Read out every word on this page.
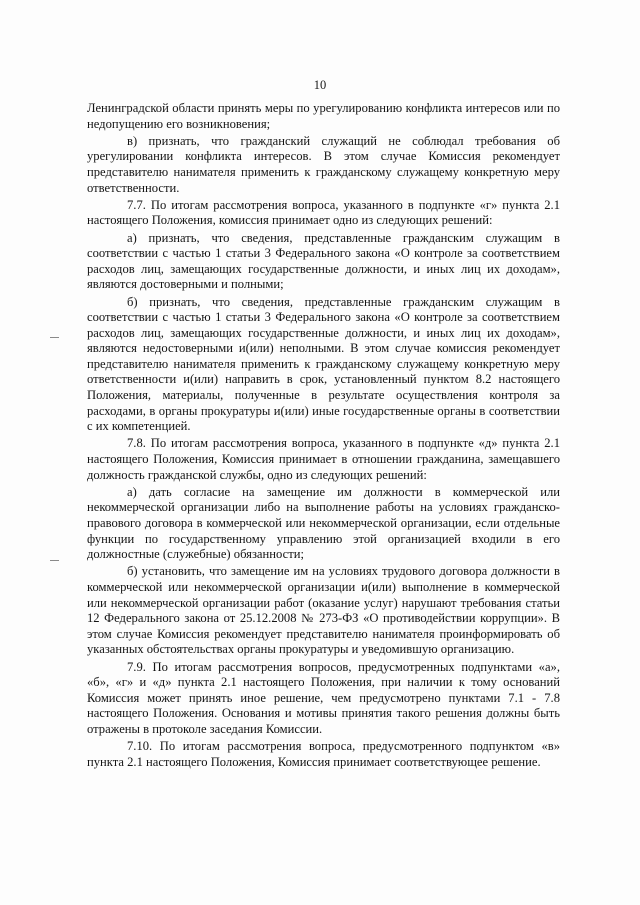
10

Ленинградской области принять меры по урегулированию конфликта интересов или по недопущению его возникновения;

в) признать, что гражданский служащий не соблюдал требования об урегулировании конфликта интересов. В этом случае Комиссия рекомендует представителю нанимателя применить к гражданскому служащему конкретную меру ответственности.

7.7. По итогам рассмотрения вопроса, указанного в подпункте «г» пункта 2.1 настоящего Положения, комиссия принимает одно из следующих решений:

а) признать, что сведения, представленные гражданским служащим в соответствии с частью 1 статьи 3 Федерального закона «О контроле за соответствием расходов лиц, замещающих государственные должности, и иных лиц их доходам», являются достоверными и полными;

б) признать, что сведения, представленные гражданским служащим в соответствии с частью 1 статьи 3 Федерального закона «О контроле за соответствием расходов лиц, замещающих государственные должности, и иных лиц их доходам», являются недостоверными и(или) неполными. В этом случае комиссия рекомендует представителю нанимателя применить к гражданскому служащему конкретную меру ответственности и(или) направить в срок, установленный пунктом 8.2 настоящего Положения, материалы, полученные в результате осуществления контроля за расходами, в органы прокуратуры и(или) иные государственные органы в соответствии с их компетенцией.

7.8. По итогам рассмотрения вопроса, указанного в подпункте «д» пункта 2.1 настоящего Положения, Комиссия принимает в отношении гражданина, замещавшего должность гражданской службы, одно из следующих решений:

а) дать согласие на замещение им должности в коммерческой или некоммерческой организации либо на выполнение работы на условиях гражданско-правового договора в коммерческой или некоммерческой организации, если отдельные функции по государственному управлению этой организацией входили в его должностные (служебные) обязанности;

б) установить, что замещение им на условиях трудового договора должности в коммерческой или некоммерческой организации и(или) выполнение в коммерческой или некоммерческой организации работ (оказание услуг) нарушают требования статьи 12 Федерального закона от 25.12.2008 № 273-ФЗ «О противодействии коррупции». В этом случае Комиссия рекомендует представителю нанимателя проинформировать об указанных обстоятельствах органы прокуратуры и уведомившую организацию.

7.9. По итогам рассмотрения вопросов, предусмотренных подпунктами «а», «б», «г» и «д» пункта 2.1 настоящего Положения, при наличии к тому оснований Комиссия может принять иное решение, чем предусмотрено пунктами 7.1 - 7.8 настоящего Положения. Основания и мотивы принятия такого решения должны быть отражены в протоколе заседания Комиссии.

7.10. По итогам рассмотрения вопроса, предусмотренного подпунктом «в» пункта 2.1 настоящего Положения, Комиссия принимает соответствующее решение.
